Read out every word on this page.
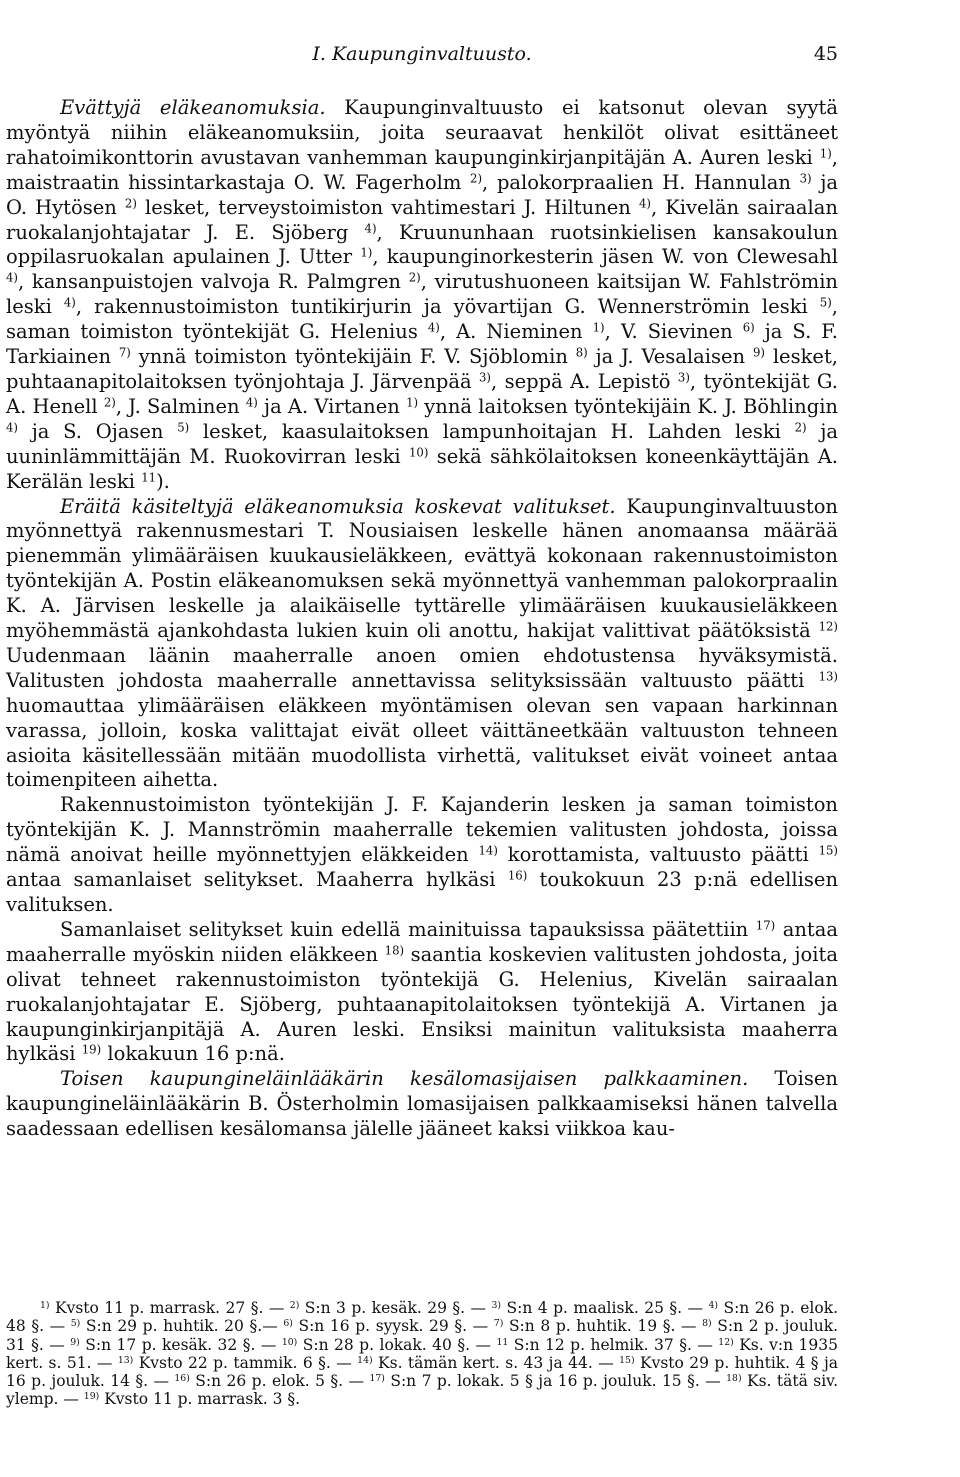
I. Kaupunginvaltuusto.	45

Evättyjä eläkeanomuksia. Kaupunginvaltuusto ei katsonut olevan syytä myöntyä niihin eläkeanomuksiin, joita seuraavat henkilöt olivat esittäneet rahatoimikonttorin avustavan vanhemman kaupunginkirjanpitäjän A. Auren leski $^{1)}$, maistraatin hissintarkastaja O. W. Fagerholm $^{2)}$, palokorpraalien H. Hannulan $^{3)}$ ja O. Hytösen $^{2)}$ lesket, terveystoimiston vahtimestari J. Hiltunen $^{4)}$, Kivelän sairaalan ruokalanjohtajatar J. E. Sjöberg $^{4)}$, Kruununhaan ruotsinkielisen kansakoulun oppilasruokalan apulainen J. Utter $^{1)}$, kaupunginorkesterin jäsen W. von Clewesahl $^{4)}$, kansanpuistojen valvoja R. Palmgren $^{2)}$, virutushuoneen kaitsijan W. Fahlströmin leski $^{4)}$, rakennustoimiston tuntikirjurin ja yövartijan G. Wennerströmin leski $^{5)}$, saman toimiston työntekijät G. Helenius $^{4)}$, A. Nieminen $^{1)}$, V. Sievinen $^{6)}$ ja S. F. Tarkiainen $^{7)}$ ynnä toimiston työntekijäin F. V. Sjöblomin $^{8)}$ ja J. Vesalaisen $^{9)}$ lesket, puhtaanapitolaitoksen työnjohtaja J. Järvenpää $^{3)}$, seppä A. Lepistö $^{3)}$, työntekijät G. A. Henell $^{2)}$, J. Salminen $^{4)}$ ja A. Virtanen $^{1)}$ ynnä laitoksen työntekijäin K. J. Böhlingin $^{4)}$ ja S. Ojasen $^{5)}$ lesket, kaasulaitoksen lampunhoitajan H. Lahden leski $^{2)}$ ja uuninlämmittäjän M. Ruokovirran leski $^{10)}$ sekä sähkölaitoksen koneenkäyttäjän A. Kerälän leski $^{11}$).

Eräitä käsiteltyjä eläkeanomuksia koskevat valitukset. Kaupunginvaltuuston myönnettyä rakennusmestari T. Nousiaisen leskelle hänen anomaansa määrää pienemmän ylimääräisen kuukausieläkkeen, evättyä kokonaan rakennustoimiston työntekijän A. Postin eläkeanomuksen sekä myönnettyä vanhemman palokorpraalin K. A. Järvisen leskelle ja alaikäiselle tyttärelle ylimääräisen kuukausieläkkeen myöhemmästä ajankohdasta lukien kuin oli anottu, hakijat valittivat päätöksistä $^{12)}$ Uudenmaan läänin maaherralle anoen omien ehdotustensa hyväksymistä. Valitusten johdosta maaherralle annettavissa selityksissään valtuusto päätti $^{13)}$ huomauttaa ylimääräisen eläkkeen myöntämisen olevan sen vapaan harkinnan varassa, jolloin, koska valittajat eivät olleet väittäneetkään valtuuston tehneen asioita käsitellessään mitään muodollista virhettä, valitukset eivät voineet antaa toimenpiteen aihetta.

Rakennustoimiston työntekijän J. F. Kajanderin lesken ja saman toimiston työntekijän K. J. Mannströmin maaherralle tekemien valitusten johdosta, joissa nämä anoivat heille myönnettyjen eläkkeiden $^{14)}$ korottamista, valtuusto päätti $^{15)}$ antaa samanlaiset selitykset. Maaherra hylkäsi $^{16)}$ toukokuun 23 p:nä edellisen valituksen.

Samanlaiset selitykset kuin edellä mainituissa tapauksissa päätettiin $^{17)}$ antaa maaherralle myöskin niiden eläkkeen $^{18)}$ saantia koskevien valitusten johdosta, joita olivat tehneet rakennustoimiston työntekijä G. Helenius, Kivelän sairaalan ruokalanjohtajatar E. Sjöberg, puhtaanapitolaitoksen työntekijä A. Virtanen ja kaupunginkirjanpitäjä A. Auren leski. Ensiksi mainitun valituksista maaherra hylkäsi $^{19)}$ lokakuun 16 p:nä.

Toisen kaupungineläinlääkärin kesälomasijaisen palkkaaminen. Toisen kaupungineläinlääkärin B. Österholmin lomasijaisen palkkaamiseksi hänen talvella saadessaan edellisen kesälomansa jälelle jääneet kaksi viikkoa kau-

$^{1)}$ Kvsto 11 p. marrask. 27 §. — $^{2)}$ S:n 3 p. kesäk. 29 §. — $^{3)}$ S:n 4 p. maalisk. 25 §. — $^{4)}$ S:n 26 p. elok. 48 §. — $^{5)}$ S:n 29 p. huhtik. 20 §.— $^{6)}$ S:n 16 p. syysk. 29 §. — $^{7)}$ S:n 8 p. huhtik. 19 §. — $^{8)}$ S:n 2 p. jouluk. 31 §. — $^{9)}$ S:n 17 p. kesäk. 32 §. — $^{10)}$ S:n 28 p. lokak. 40 §. — $^{11}$ S:n 12 p. helmik. 37 §. — $^{12)}$ Ks. v:n 1935 kert. s. 51. — $^{13)}$ Kvsto 22 p. tammik. 6 §. — $^{14)}$ Ks. tämän kert. s. 43 ja 44. — $^{15)}$ Kvsto 29 p. huhtik. 4 § ja 16 p. jouluk. 14 §. — $^{16)}$ S:n 26 p. elok. 5 §. — $^{17)}$ S:n 7 p. lokak. 5 § ja 16 p. jouluk. 15 §. — $^{18)}$ Ks. tätä siv. ylemp. — $^{19)}$ Kvsto 11 p. marrask. 3 §.
